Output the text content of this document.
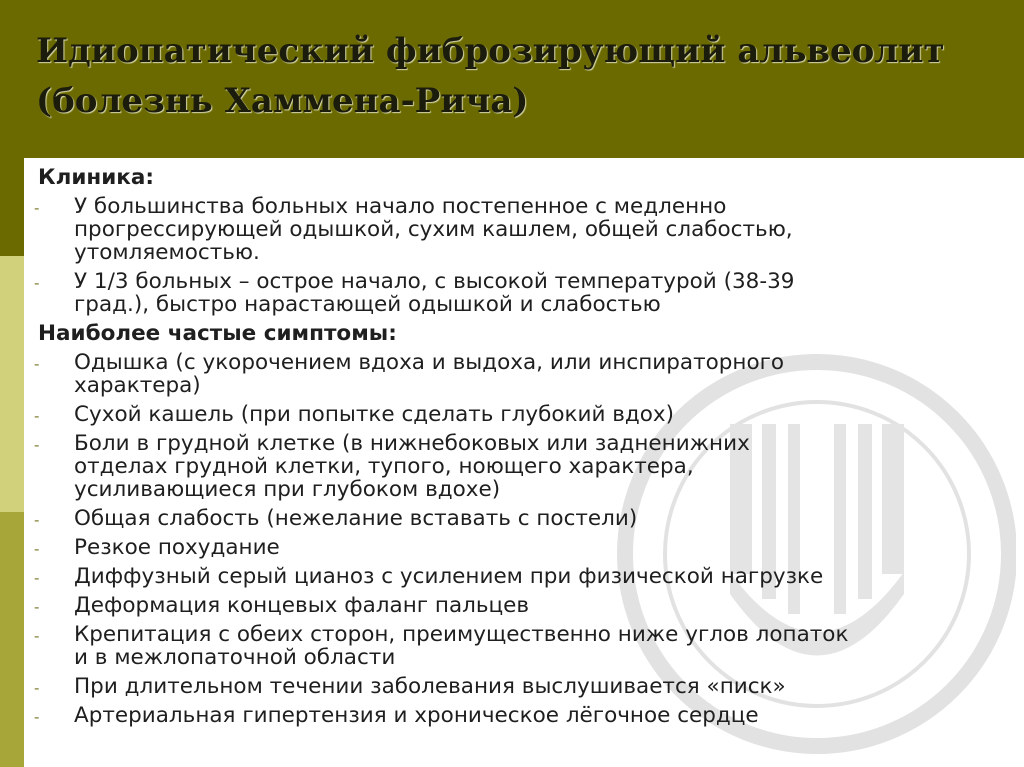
Идиопатический фиброзирующий альвеолит
(болезнь Хаммена-Рича)
Клиника:
- У большинства больных начало постепенное с медленно
прогрессирующей одышкой, сухим кашлем, общей слабостью,
утомляемостью.
- У 1/3 больных – острое начало, с высокой температурой (38-39
град.), быстро нарастающей одышкой и слабостью
Наиболее частые симптомы:
- Одышка (с укорочением вдоха и выдоха, или инспираторного
характера)
- Сухой кашель (при попытке сделать глубокий вдох)
- Боли в грудной клетке (в нижнебоковых или задненижних
отделах грудной клетки, тупого, ноющего характера,
усиливающиеся при глубоком вдохе)
- Общая слабость (нежелание вставать с постели)
- Резкое похудание
- Диффузный серый цианоз с усилением при физической нагрузке
- Деформация концевых фаланг пальцев
- Крепитация с обеих сторон, преимущественно ниже углов лопаток
и в межлопаточной области
- При длительном течении заболевания выслушивается «писк»
- Артериальная гипертензия и хроническое лёгочное сердце
